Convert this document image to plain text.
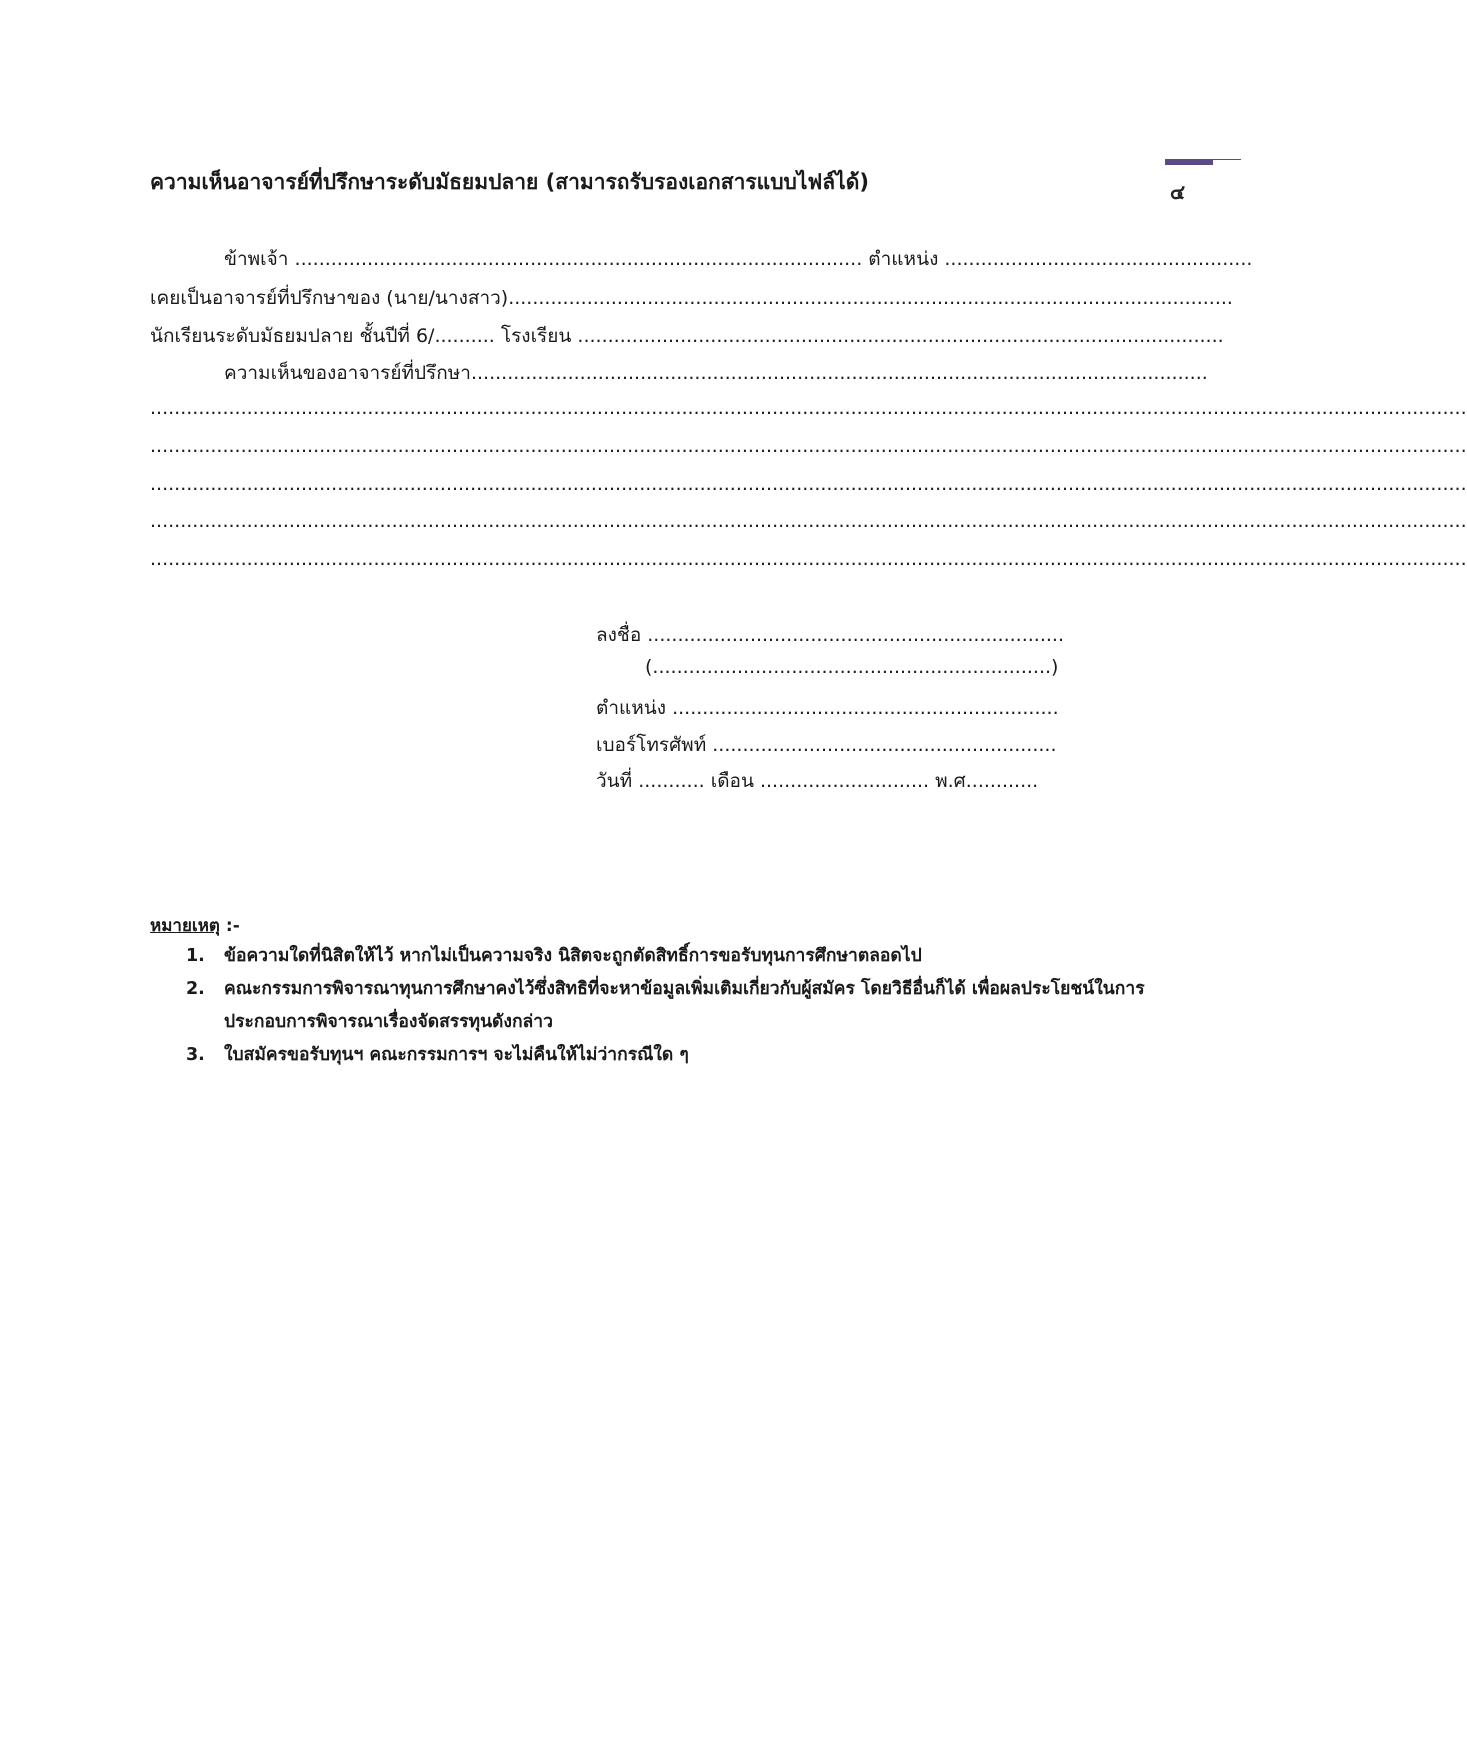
๔
ความเห็นอาจารย์ที่ปรึกษาระดับมัธยมปลาย (สามารถรับรองเอกสารแบบไฟล์ได้)
ข้าพเจ้า .............................................................................................. ตำแหน่ง ...................................................
เคยเป็นอาจารย์ที่ปรึกษาของ (นาย/นางสาว)........................................................................................................................
นักเรียนระดับมัธยมปลาย ชั้นปีที่ 6/.......... โรงเรียน ...........................................................................................................
ความเห็นของอาจารย์ที่ปรึกษา..........................................................................................................................
..........................................................................................................................................................................................................................
..........................................................................................................................................................................................................................
..........................................................................................................................................................................................................................
..........................................................................................................................................................................................................................
..........................................................................................................................................................................................................................
ลงชื่อ .....................................................................
(..................................................................)
ตำแหน่ง ................................................................
เบอร์โทรศัพท์ .........................................................
วันที่ ........... เดือน ............................ พ.ศ............
หมายเหตุ :-
1. ข้อความใดที่นิสิตให้ไว้ หากไม่เป็นความจริง นิสิตจะถูกตัดสิทธิ์การขอรับทุนการศึกษาตลอดไป
2. คณะกรรมการพิจารณาทุนการศึกษาคงไว้ซึ่งสิทธิที่จะหาข้อมูลเพิ่มเติมเกี่ยวกับผู้สมัคร โดยวิธีอื่นก็ได้ เพื่อผลประโยชน์ในการประกอบการพิจารณาเรื่องจัดสรรทุนดังกล่าว
3. ใบสมัครขอรับทุนฯ คณะกรรมการฯ จะไม่คืนให้ไม่ว่ากรณีใด ๆ
